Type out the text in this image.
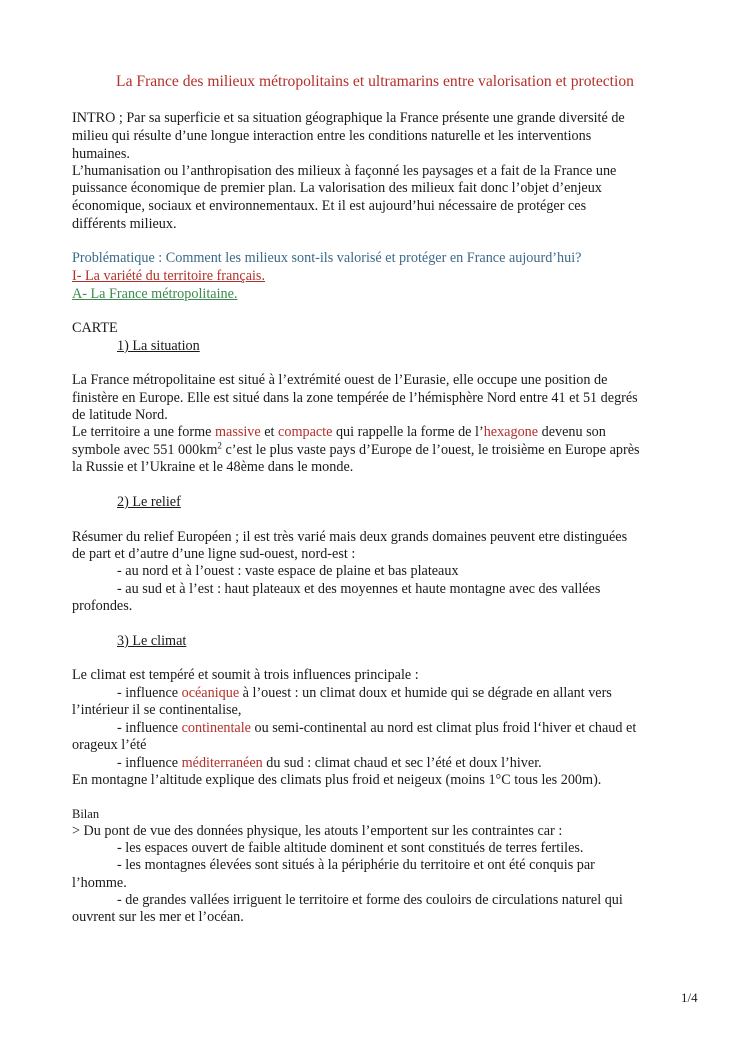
La France des milieux métropolitains et ultramarins entre valorisation et protection
INTRO ; Par sa superficie et sa situation géographique la France présente une grande diversité de
milieu qui résulte d’une longue interaction entre les conditions naturelle et les interventions
humaines.
L’humanisation ou l’anthropisation des milieux à façonné les paysages et a fait de la France une
puissance économique de premier plan. La valorisation des milieux fait donc l’objet d’enjeux
économique, sociaux et environnementaux. Et il est aujourd’hui nécessaire de protéger ces
différents milieux.
Problématique : Comment les milieux sont-ils valorisé et protéger en France aujourd’hui?
I- La variété du territoire français.
A- La France métropolitaine.
CARTE
1) La situation
La France métropolitaine est situé à l’extrémité ouest de l’Eurasie, elle occupe une position de
finistère en Europe. Elle est situé dans la zone tempérée de l’hémisphère Nord entre 41 et 51 degrés
de latitude Nord.
Le territoire a une forme massive et compacte qui rappelle la forme de l’hexagone devenu son
symbole avec 551 $000km^2$ c’est le plus vaste pays d’Europe de l’ouest, le troisième en Europe après
la Russie et l’Ukraine et le 48ème dans le monde.
2) Le relief
Résumer du relief Européen ; il est très varié mais deux grands domaines peuvent etre distinguées
de part et d’autre d’une ligne sud-ouest, nord-est :
- au nord et à l’ouest : vaste espace de plaine et bas plateaux
- au sud et à l’est : haut plateaux et des moyennes et haute montagne avec des vallées
profondes.
3) Le climat
Le climat est tempéré et soumit à trois influences principale :
- influence océanique à l’ouest : un climat doux et humide qui se dégrade en allant vers
l’intérieur il se continentalise,
- influence continentale ou semi-continental au nord est climat plus froid l‘hiver et chaud et
orageux l’été
- influence méditerranéen du sud : climat chaud et sec l’été et doux l’hiver.
En montagne l’altitude explique des climats plus froid et neigeux (moins 1°C tous les 200m).
Bilan
> Du pont de vue des données physique, les atouts l’emportent sur les contraintes car :
- les espaces ouvert de faible altitude dominent et sont constitués de terres fertiles.
- les montagnes élevées sont situés à la périphérie du territoire et ont été conquis par
l’homme.
- de grandes vallées irriguent le territoire et forme des couloirs de circulations naturel qui
ouvrent sur les mer et l’océan.
1/4
